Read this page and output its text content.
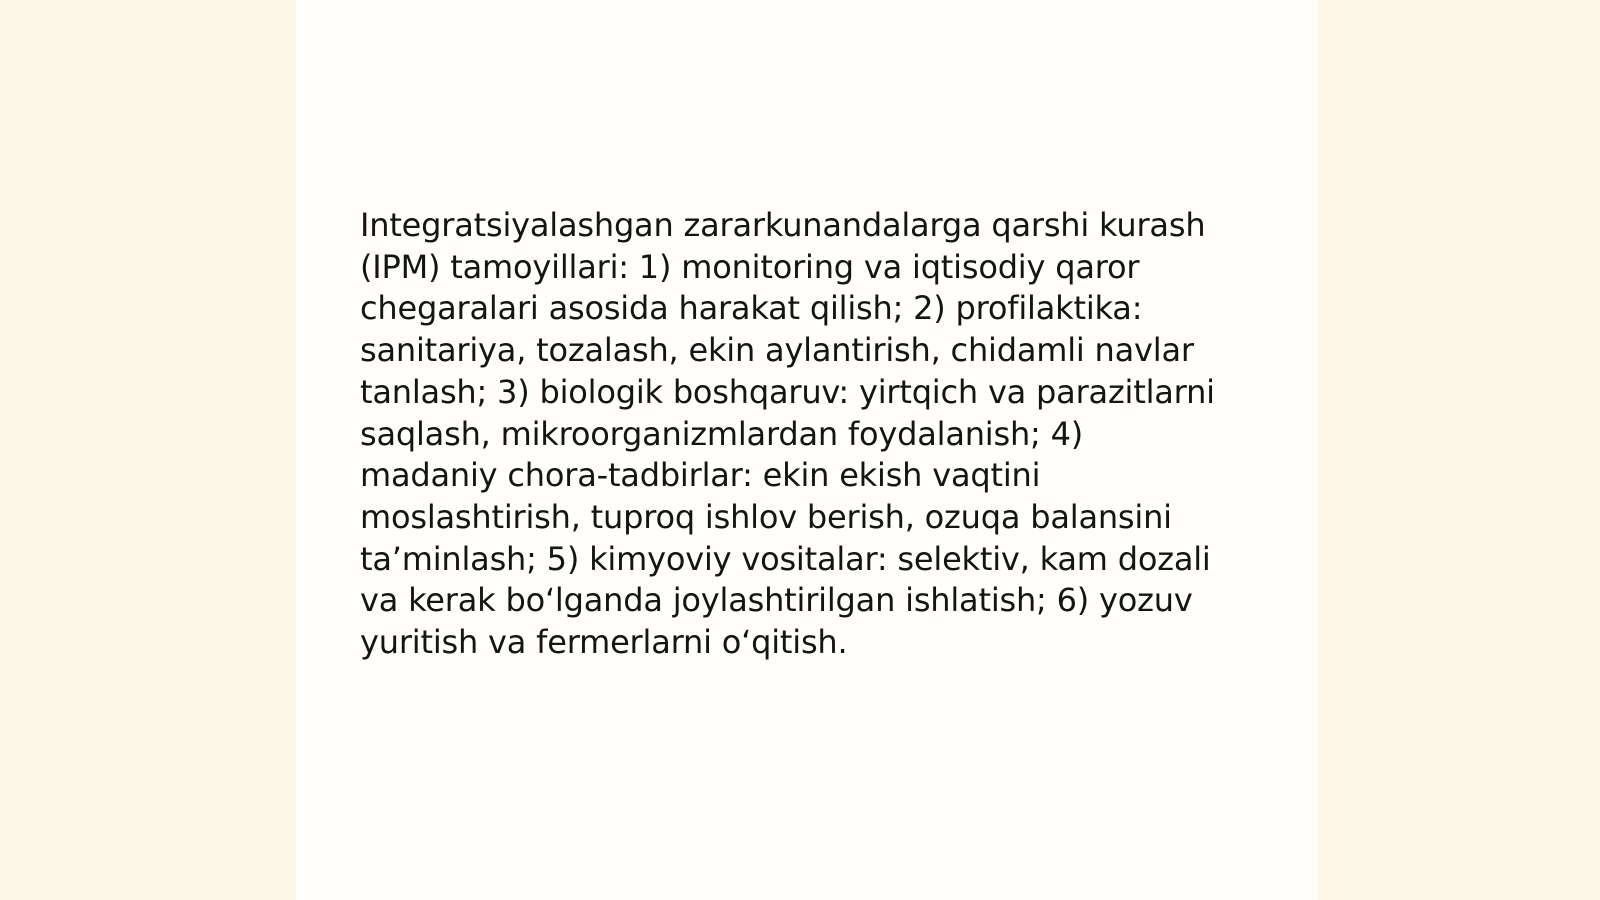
Integratsiyalashgan zararkunandalarga qarshi kurash
(IPM) tamoyillari: 1) monitoring va iqtisodiy qaror
chegaralari asosida harakat qilish; 2) profilaktika:
sanitariya, tozalash, ekin aylantirish, chidamli navlar
tanlash; 3) biologik boshqaruv: yirtqich va parazitlarni
saqlash, mikroorganizmlardan foydalanish; 4)
madaniy chora-tadbirlar: ekin ekish vaqtini
moslashtirish, tuproq ishlov berish, ozuqa balansini
ta’minlash; 5) kimyoviy vositalar: selektiv, kam dozali
va kerak bo‘lganda joylashtirilgan ishlatish; 6) yozuv
yuritish va fermerlarni o‘qitish.
